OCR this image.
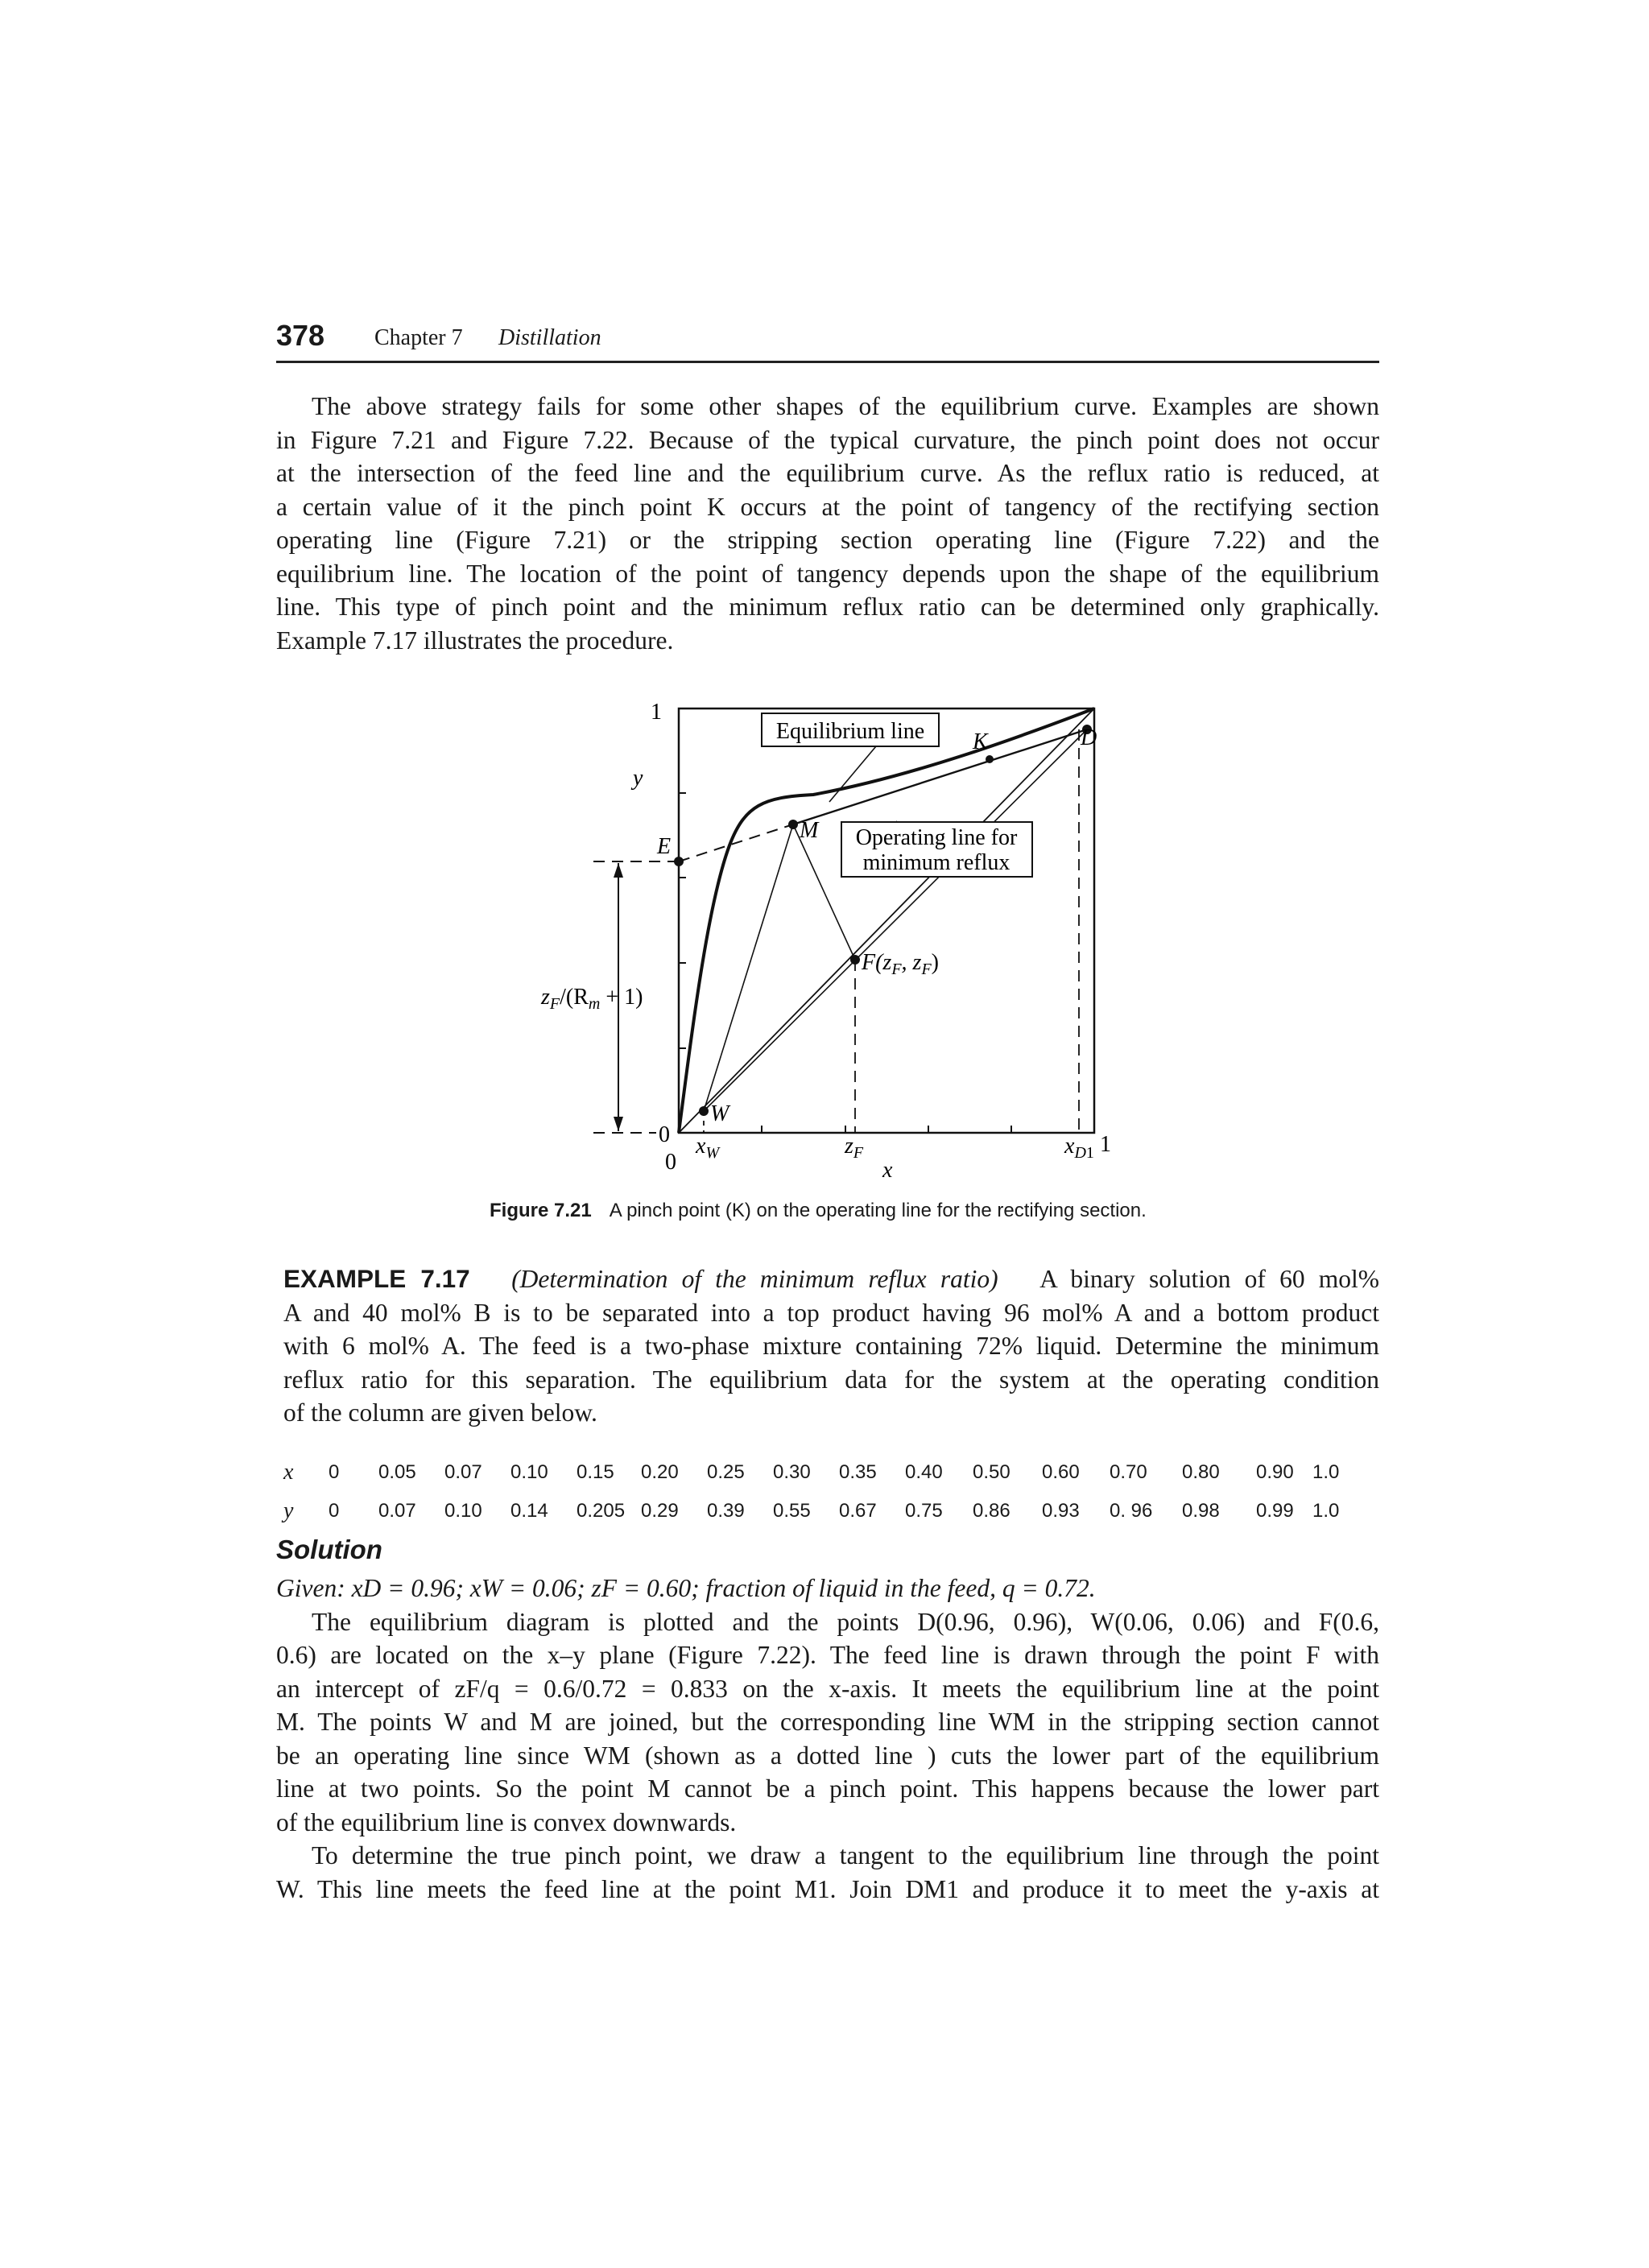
378 Chapter 7 Distillation
The above strategy fails for some other shapes of the equilibrium curve. Examples are shown
in Figure 7.21 and Figure 7.22. Because of the typical curvature, the pinch point does not occur
at the intersection of the feed line and the equilibrium curve. As the reflux ratio is reduced, at
a certain value of it the pinch point K occurs at the point of tangency of the rectifying section
operating line (Figure 7.21) or the stripping section operating line (Figure 7.22) and the
equilibrium line. The location of the point of tangency depends upon the shape of the equilibrium
line. This type of pinch point and the minimum reflux ratio can be determined only graphically.
Example 7.17 illustrates the procedure.
Equilibrium line
Operating line for
minimum reflux
1
y
0
0
1
x
K	D
E
M
W
$F(z_F$, $z_F$)
$x_W$	$z_F$	$x_D1$
$z_F/(R_m + 1)$
Figure 7.21 A pinch point (K) on the operating line for the rectifying section.
EXAMPLE 7.17 (Determination of the minimum reflux ratio) A binary solution of 60 mol%
A and 40 mol% B is to be separated into a top product having 96 mol% A and a bottom product
with 6 mol% A. The feed is a two-phase mixture containing 72% liquid. Determine the minimum
reflux ratio for this separation. The equilibrium data for the system at the operating condition
of the column are given below.
x	0	0.05	0.07	0.10	0.15	0.20	0.25	0.30	0.35	0.40	0.50	0.60	0.70	0.80	0.90	1.0
y	0	0.07	0.10	0.14	0.205	0.29	0.39	0.55	0.67	0.75	0.86	0.93	0. 96	0.98	0.99	1.0
Solution
Given: xD = 0.96; xW = 0.06; zF = 0.60; fraction of liquid in the feed, q = 0.72.
The equilibrium diagram is plotted and the points D(0.96, 0.96), W(0.06, 0.06) and F(0.6,
0.6) are located on the x–y plane (Figure 7.22). The feed line is drawn through the point F with
an intercept of zF/q = 0.6/0.72 = 0.833 on the x-axis. It meets the equilibrium line at the point
M. The points W and M are joined, but the corresponding line WM in the stripping section cannot
be an operating line since WM (shown as a dotted line ) cuts the lower part of the equilibrium
line at two points. So the point M cannot be a pinch point. This happens because the lower part
of the equilibrium line is convex downwards.
To determine the true pinch point, we draw a tangent to the equilibrium line through the point
W. This line meets the feed line at the point M1. Join DM1 and produce it to meet the y-axis at
